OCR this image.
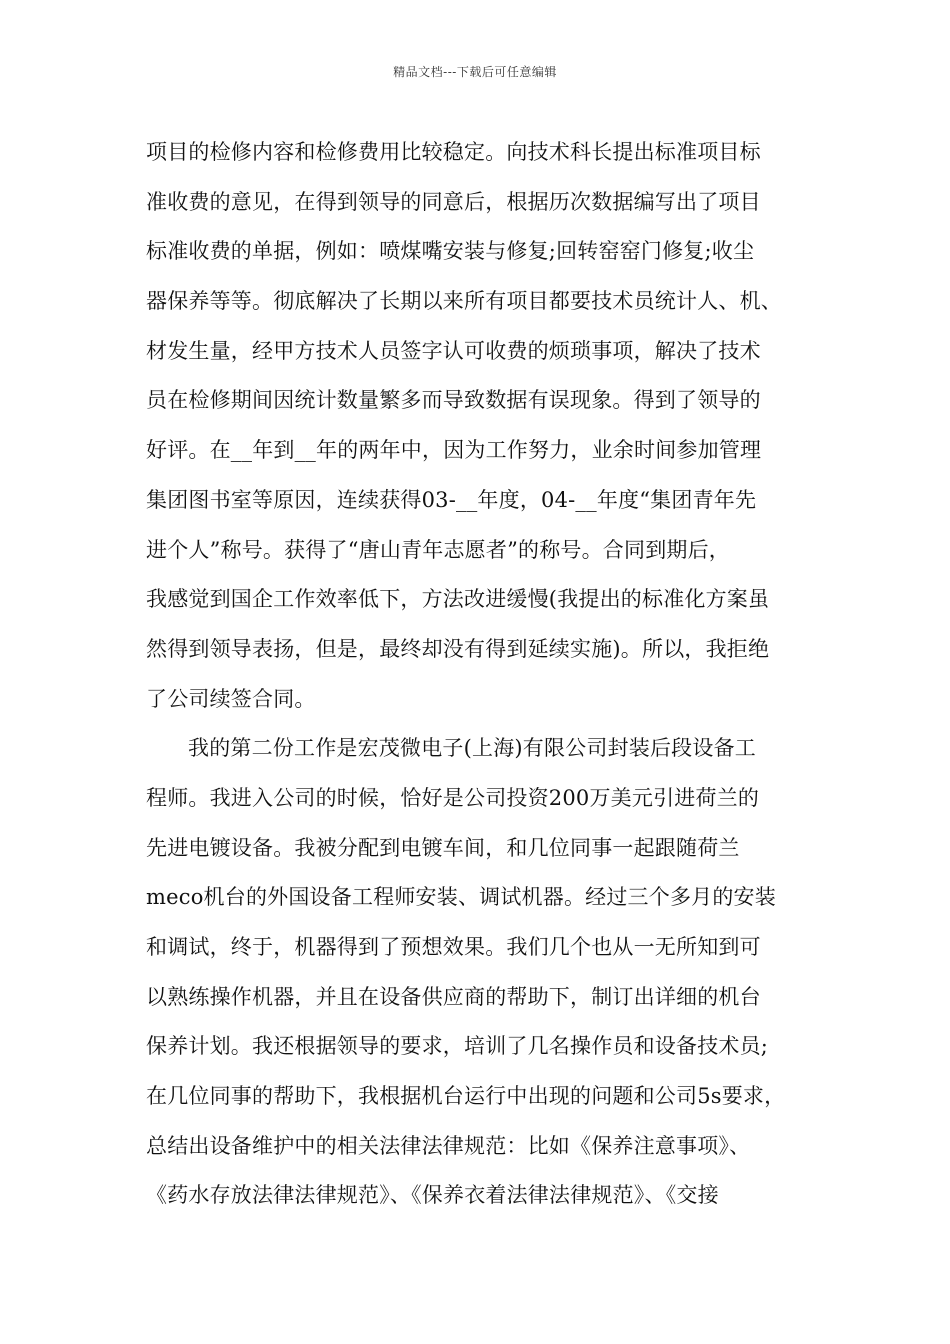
精品文档---下载后可任意编辑
项目的检修内容和检修费用比较稳定。向技术科长提出标准项目标
准收费的意见，在得到领导的同意后，根据历次数据编写出了项目
标准收费的单据，例如：喷煤嘴安装与修复;回转窑窑门修复;收尘
器保养等等。彻底解决了长期以来所有项目都要技术员统计人、机、
材发生量，经甲方技术人员签字认可收费的烦琐事项，解决了技术
员在检修期间因统计数量繁多而导致数据有误现象。得到了领导的
好评。在__年到__年的两年中，因为工作努力，业余时间参加管理
集团图书室等原因，连续获得03-__年度，04-__年度“集团青年先
进个人”称号。获得了“唐山青年志愿者”的称号。合同到期后，
我感觉到国企工作效率低下，方法改进缓慢(我提出的标准化方案虽
然得到领导表扬，但是，最终却没有得到延续实施)。所以，我拒绝
了公司续签合同。
我的第二份工作是宏茂微电子(上海)有限公司封装后段设备工
程师。我进入公司的时候，恰好是公司投资200万美元引进荷兰的
先进电镀设备。我被分配到电镀车间，和几位同事一起跟随荷兰
meco机台的外国设备工程师安装、调试机器。经过三个多月的安装
和调试，终于，机器得到了预想效果。我们几个也从一无所知到可
以熟练操作机器，并且在设备供应商的帮助下，制订出详细的机台
保养计划。我还根据领导的要求，培训了几名操作员和设备技术员;
在几位同事的帮助下，我根据机台运行中出现的问题和公司5s要求，
总结出设备维护中的相关法律法律规范：比如《保养注意事项》、
《药水存放法律法律规范》、《保养衣着法律法律规范》、《交接
